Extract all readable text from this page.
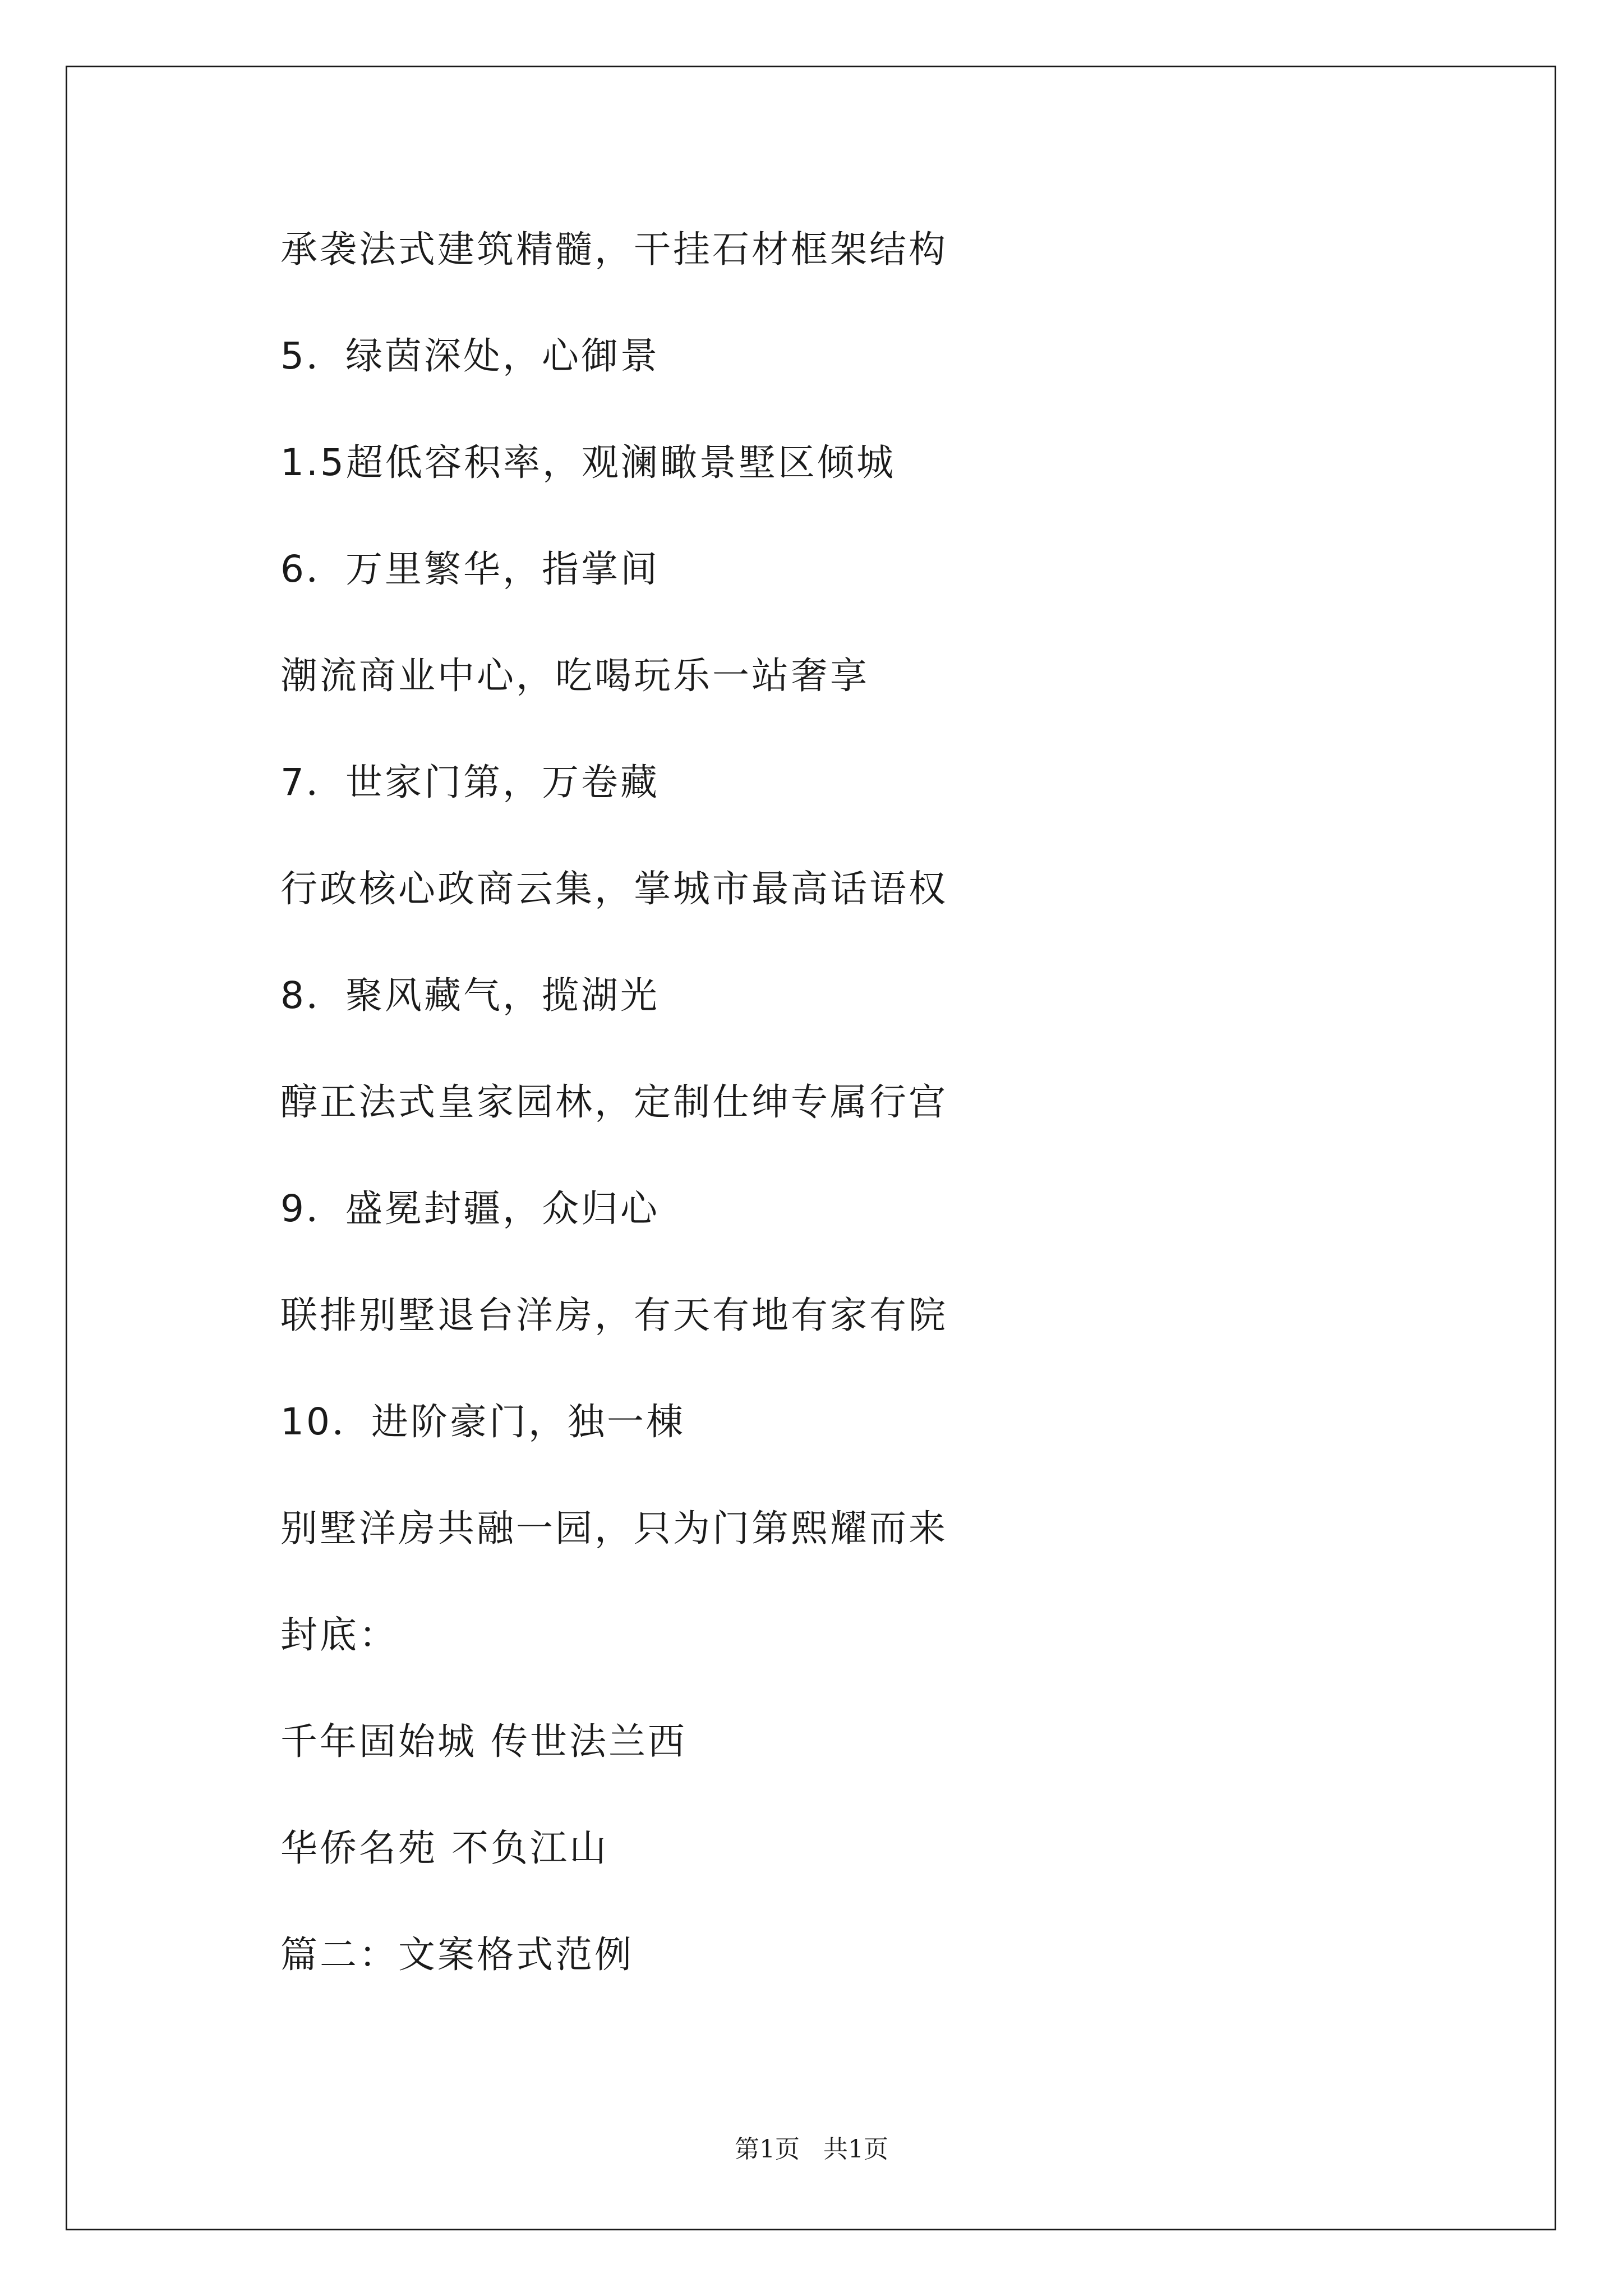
承袭法式建筑精髓，干挂石材框架结构
5．绿茵深处，心御景
1.5超低容积率，观澜瞰景墅区倾城
6．万里繁华，指掌间
潮流商业中心，吃喝玩乐一站奢享
7．世家门第，万卷藏
行政核心政商云集，掌城市最高话语权
8．聚风藏气，揽湖光
醇正法式皇家园林，定制仕绅专属行宫
9．盛冕封疆，众归心
联排别墅退台洋房，有天有地有家有院
10．进阶豪门，独一棟
别墅洋房共融一园，只为门第熙耀而来
封底：
千年固始城 传世法兰西
华侨名苑 不负江山
篇二：文案格式范例
第1页   共1页
